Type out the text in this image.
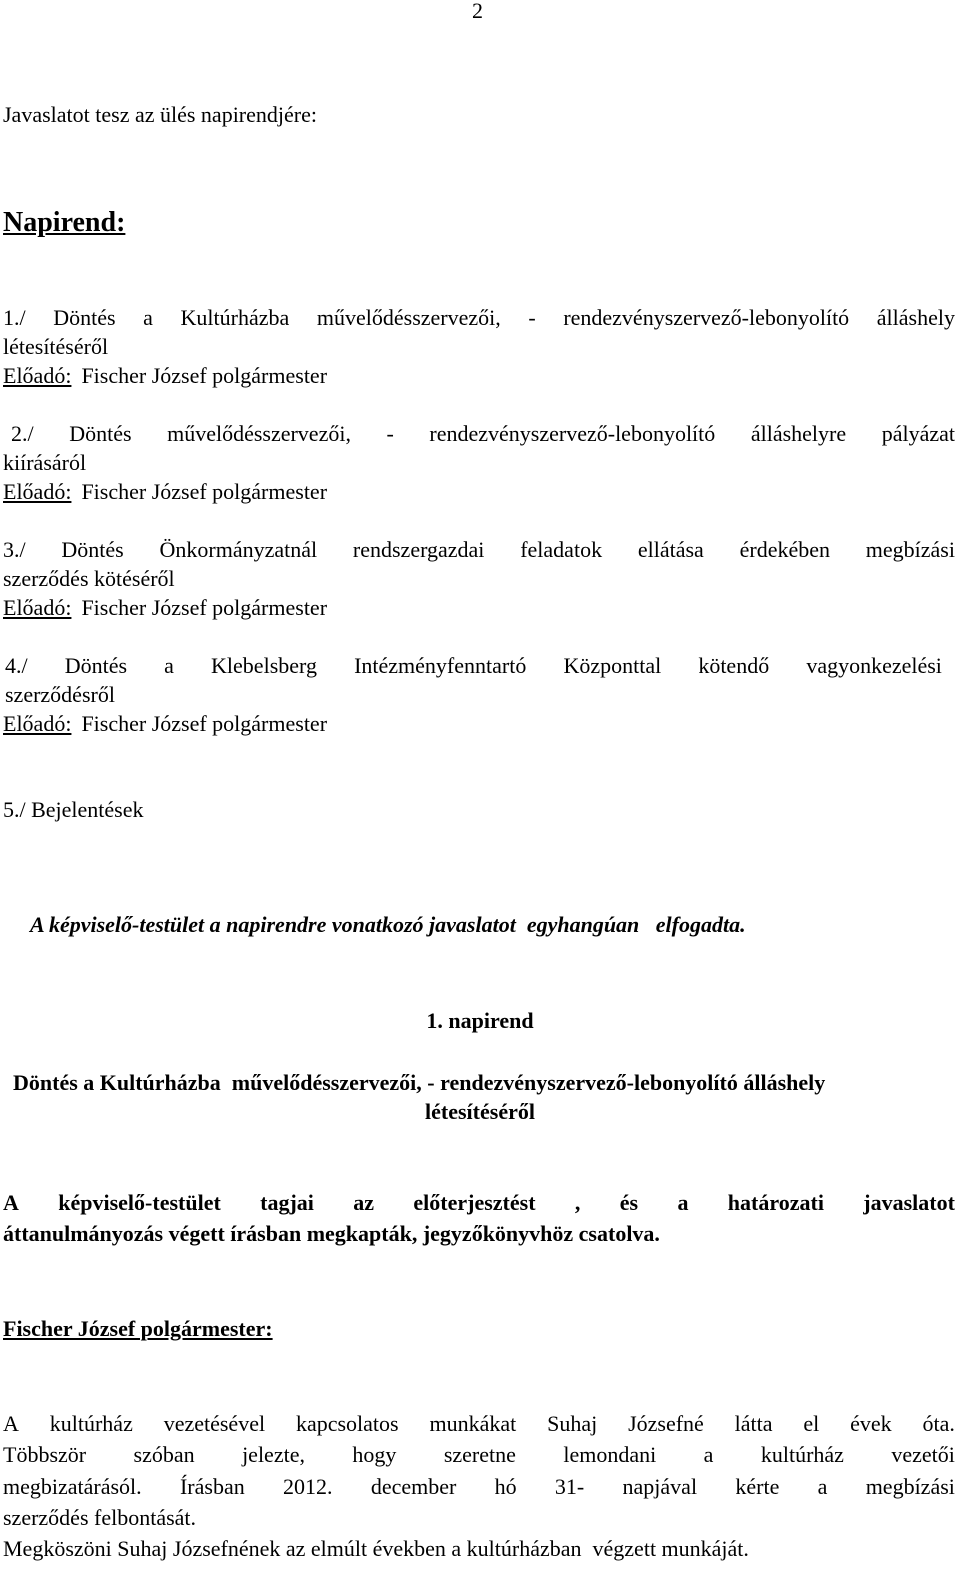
2
Javaslatot tesz az ülés napirendjére:
Napirend:
1./ Döntés a Kultúrházba művelődésszervezői, - rendezvényszervező-lebonyolító álláshely
létesítéséről
Előadó: Fischer József polgármester
2./ Döntés művelődésszervezői, - rendezvényszervező-lebonyolító álláshelyre pályázat
kiírásáról
Előadó: Fischer József polgármester
3./ Döntés Önkormányzatnál rendszergazdai feladatok ellátása érdekében megbízási
szerződés kötéséről
Előadó: Fischer József polgármester
4./ Döntés a Klebelsberg Intézményfenntartó Központtal kötendő vagyonkezelési
szerződésről
Előadó: Fischer József polgármester
5./ Bejelentések
A képviselő-testület a napirendre vonatkozó javaslatot  egyhangúan   elfogadta.
1. napirend
Döntés a Kultúrházba  művelődésszervezői, - rendezvényszervező-lebonyolító álláshely
létesítéséről
A képviselő-testület tagjai az előterjesztést , és a határozati javaslatot
áttanulmányozás végett írásban megkapták, jegyzőkönyvhöz csatolva.
Fischer József polgármester:
A kultúrház vezetésével kapcsolatos munkákat Suhaj Józsefné látta el évek óta.
Többször szóban jelezte, hogy szeretne lemondani a kultúrház vezetői
megbizatárásól. Írásban 2012. december hó 31- napjával kérte a megbízási
szerződés felbontását.
Megköszöni Suhaj Józsefnének az elmúlt években a kultúrházban  végzett munkáját.
